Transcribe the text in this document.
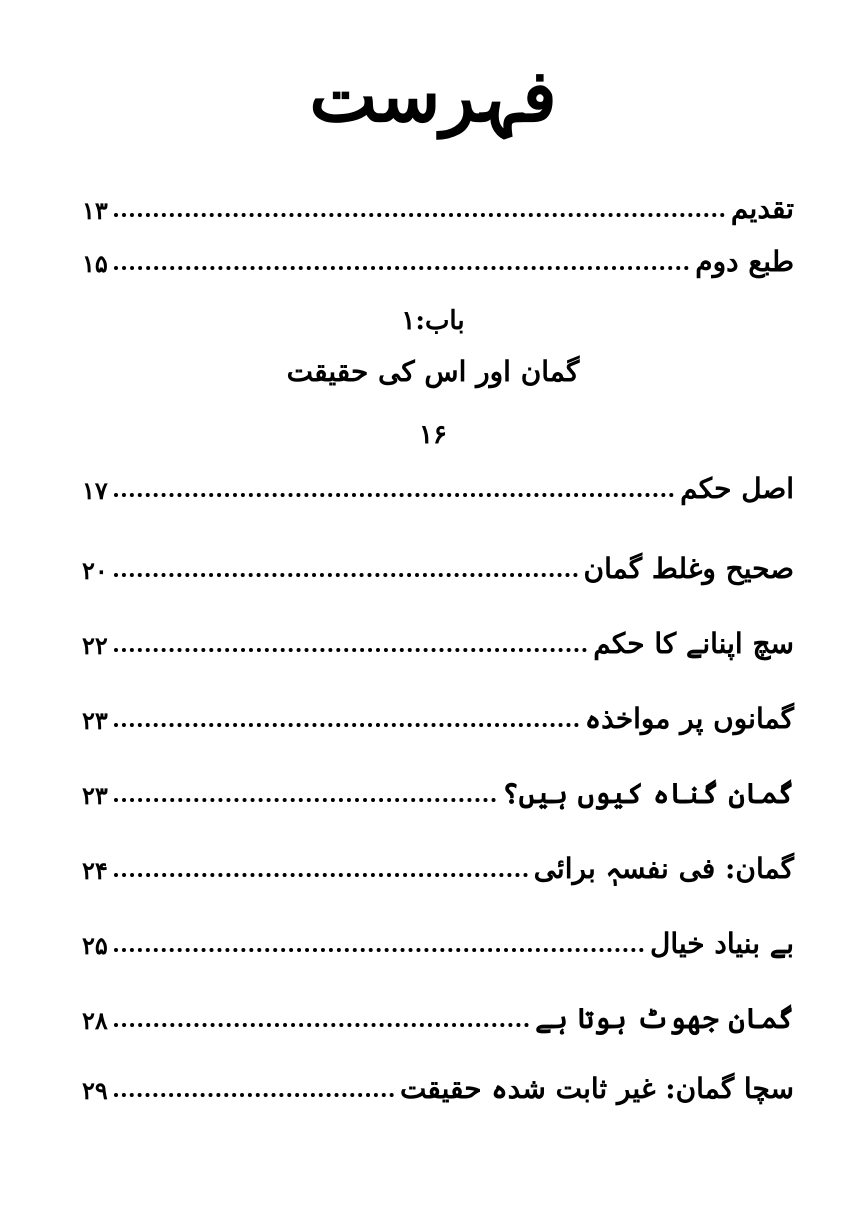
فہرست
تقدیم
۱۳
طبع دوم
۱۵
باب:۱
گمان اور اس کی حقیقت
۱۶
اصل حکم
۱۷
صحیح وغلط گمان
۲۰
سچ اپنانے کا حکم
۲۲
گمانوں پر مواخذہ
۲۳
گمان گناہ کیوں ہیں؟
۲۳
گمان: فی نفسہٖ برائی
۲۴
بے بنیاد خیال
۲۵
گمان جھوٹ ہوتا ہے
۲۸
سچا گمان: غیر ثابت شدہ حقیقت
۲۹
